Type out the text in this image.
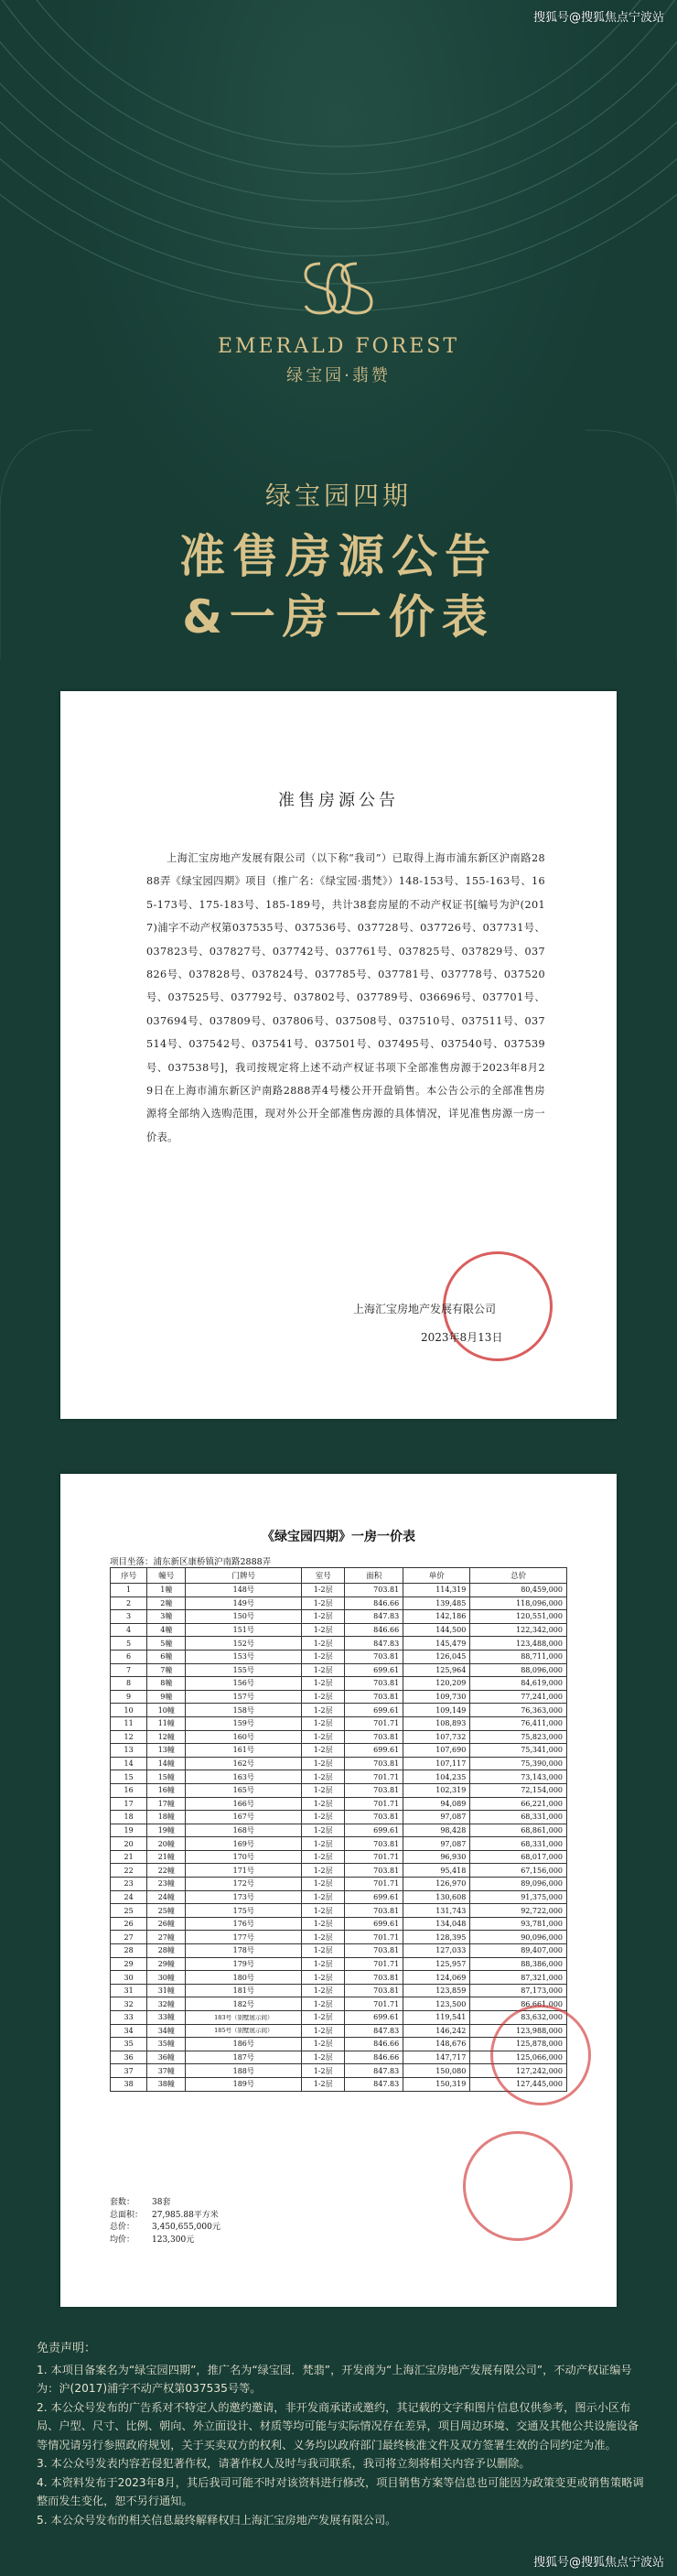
搜狐号@搜狐焦点宁波站
EMERALD FOREST
绿宝园·翡赞
绿宝园四期
准售房源公告
&一房一价表
准售房源公告
上海汇宝房地产发展有限公司（以下称“我司”）已取得上海市浦东新区沪南路2888弄《绿宝园四期》项目（推广名：《绿宝园·翡梵》）148-153号、155-163号、165-173号、175-183号、185-189号，共计38套房屋的不动产权证书[编号为沪(2017)浦字不动产权第037535号、037536号、037728号、037726号、037731号、037823号、037827号、037742号、037761号、037825号、037829号、037826号、037828号、037824号、037785号、037781号、037778号、037520号、037525号、037792号、037802号、037789号、036696号、037701号、037694号、037809号、037806号、037508号、037510号、037511号、037514号、037542号、037541号、037501号、037495号、037540号、037539号、037538号]，我司按规定将上述不动产权证书项下全部准售房源于2023年8月29日在上海市浦东新区沪南路2888弄4号楼公开开盘销售。本公告公示的全部准售房源将全部纳入选购范围，现对外公开全部准售房源的具体情况，详见准售房源一房一价表。
上海汇宝房地产发展有限公司
2023年8月13日
《绿宝园四期》一房一价表
项目坐落：浦东新区康桥镇沪南路2888弄
序号	幢号	门牌号	室号	面积	单价	总价
1	1幢	148号	1-2层	703.81	114,319	80,459,000
2	2幢	149号	1-2层	846.66	139,485	118,096,000
3	3幢	150号	1-2层	847.83	142,186	120,551,000
4	4幢	151号	1-2层	846.66	144,500	122,342,000
5	5幢	152号	1-2层	847.83	145,479	123,488,000
6	6幢	153号	1-2层	703.81	126,045	88,711,000
7	7幢	155号	1-2层	699.61	125,964	88,096,000
8	8幢	156号	1-2层	703.81	120,209	84,619,000
9	9幢	157号	1-2层	703.81	109,730	77,241,000
10	10幢	158号	1-2层	699.61	109,149	76,363,000
11	11幢	159号	1-2层	701.71	108,893	76,411,000
12	12幢	160号	1-2层	703.81	107,732	75,823,000
13	13幢	161号	1-2层	699.61	107,690	75,341,000
14	14幢	162号	1-2层	703.81	107,117	75,390,000
15	15幢	163号	1-2层	701.71	104,235	73,143,000
16	16幢	165号	1-2层	703.81	102,319	72,154,000
17	17幢	166号	1-2层	701.71	94,089	66,221,000
18	18幢	167号	1-2层	703.81	97,087	68,331,000
19	19幢	168号	1-2层	699.61	98,428	68,861,000
20	20幢	169号	1-2层	703.81	97,087	68,331,000
21	21幢	170号	1-2层	701.71	96,930	68,017,000
22	22幢	171号	1-2层	703.81	95,418	67,156,000
23	23幢	172号	1-2层	701.71	126,970	89,096,000
24	24幢	173号	1-2层	699.61	130,608	91,375,000
25	25幢	175号	1-2层	703.81	131,743	92,722,000
26	26幢	176号	1-2层	699.61	134,048	93,781,000
27	27幢	177号	1-2层	701.71	128,395	90,096,000
28	28幢	178号	1-2层	703.81	127,033	89,407,000
29	29幢	179号	1-2层	701.71	125,957	88,386,000
30	30幢	180号	1-2层	703.81	124,069	87,321,000
31	31幢	181号	1-2层	703.81	123,859	87,173,000
32	32幢	182号	1-2层	701.71	123,500	86,661,000
33	33幢	183号（别墅展示间）	1-2层	699.61	119,541	83,632,000
34	34幢	185号（别墅展示间）	1-2层	847.83	146,242	123,988,000
35	35幢	186号	1-2层	846.66	148,676	125,878,000
36	36幢	187号	1-2层	846.66	147,717	125,066,000
37	37幢	188号	1-2层	847.83	150,080	127,242,000
38	38幢	189号	1-2层	847.83	150,319	127,445,000
套数：	38套
总面积：	27,985.88平方米
总价：	3,450,655,000元
均价：	123,300元
免责声明：
1. 本项目备案名为“绿宝园四期”，推广名为“绿宝园．梵翡”，开发商为“上海汇宝房地产发展有限公司”，不动产权证编号为：沪(2017)浦字不动产权第037535号等。
2. 本公众号发布的广告系对不特定人的邀约邀请，非开发商承诺或邀约，其记载的文字和图片信息仅供参考，图示小区布局、户型、尺寸、比例、朝向、外立面设计、材质等均可能与实际情况存在差异，项目周边环境、交通及其他公共设施设备等情况请另行参照政府规划，关于买卖双方的权利、义务均以政府部门最终核准文件及双方签署生效的合同约定为准。
3. 本公众号发表内容若侵犯著作权，请著作权人及时与我司联系，我司将立刻将相关内容予以删除。
4. 本资料发布于2023年8月，其后我司可能不时对该资料进行修改，项目销售方案等信息也可能因为政策变更或销售策略调整而发生变化，恕不另行通知。
5. 本公众号发布的相关信息最终解释权归上海汇宝房地产发展有限公司。
搜狐号@搜狐焦点宁波站
